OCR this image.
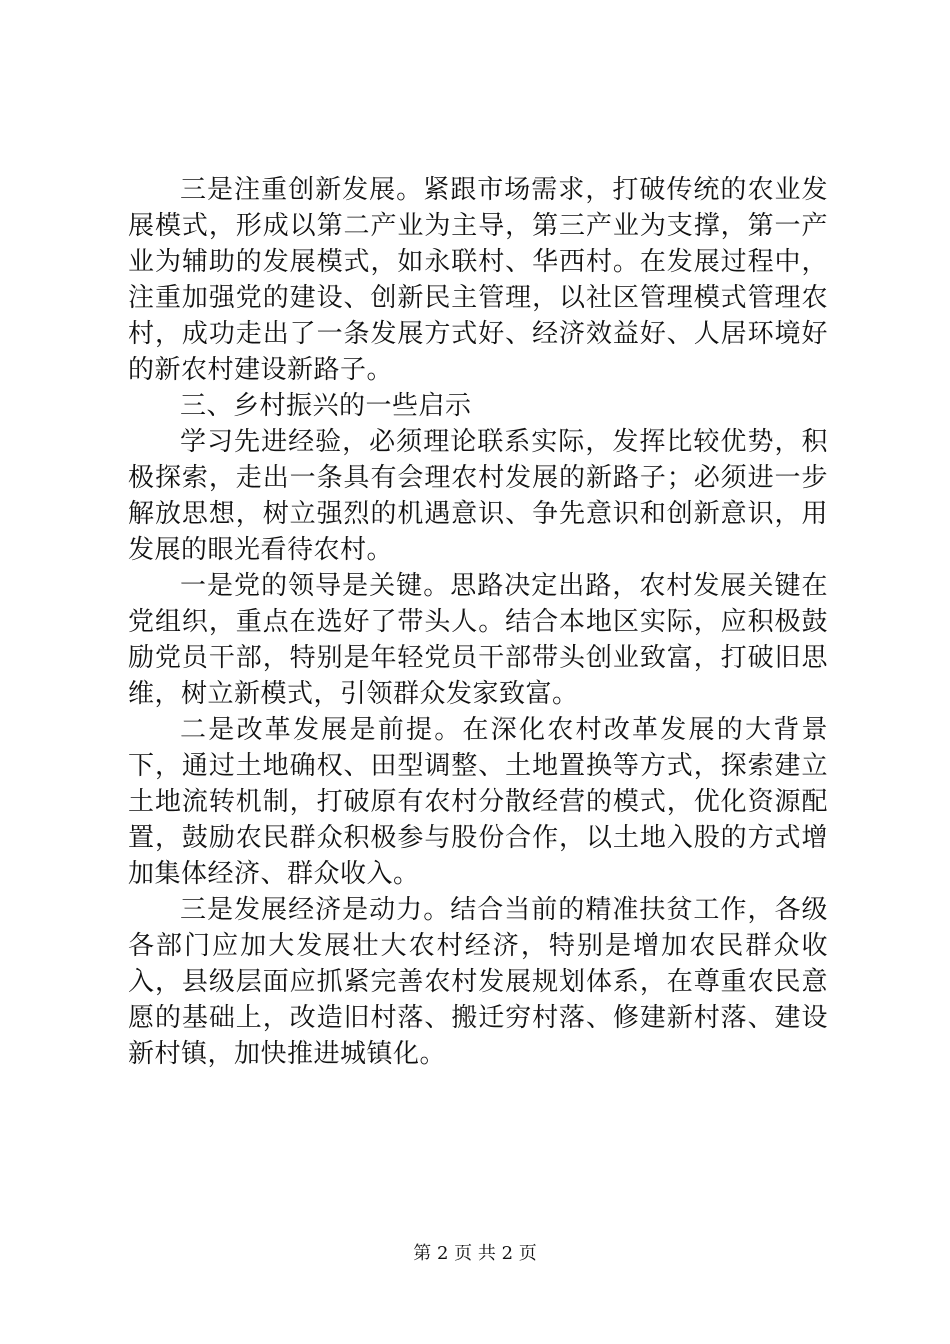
三是注重创新发展。紧跟市场需求，打破传统的农业发展模式，形成以第二产业为主导，第三产业为支撑，第一产业为辅助的发展模式，如永联村、华西村。在发展过程中，注重加强党的建设、创新民主管理，以社区管理模式管理农村，成功走出了一条发展方式好、经济效益好、人居环境好的新农村建设新路子。

三、乡村振兴的一些启示

学习先进经验，必须理论联系实际，发挥比较优势，积极探索，走出一条具有会理农村发展的新路子；必须进一步解放思想，树立强烈的机遇意识、争先意识和创新意识，用发展的眼光看待农村。

一是党的领导是关键。思路决定出路，农村发展关键在党组织，重点在选好了带头人。结合本地区实际，应积极鼓励党员干部，特别是年轻党员干部带头创业致富，打破旧思维，树立新模式，引领群众发家致富。

二是改革发展是前提。在深化农村改革发展的大背景下，通过土地确权、田型调整、土地置换等方式，探索建立土地流转机制，打破原有农村分散经营的模式，优化资源配置，鼓励农民群众积极参与股份合作，以土地入股的方式增加集体经济、群众收入。

三是发展经济是动力。结合当前的精准扶贫工作，各级各部门应加大发展壮大农村经济，特别是增加农民群众收入，县级层面应抓紧完善农村发展规划体系，在尊重农民意愿的基础上，改造旧村落、搬迁穷村落、修建新村落、建设新村镇，加快推进城镇化。

第 2 页 共 2 页
